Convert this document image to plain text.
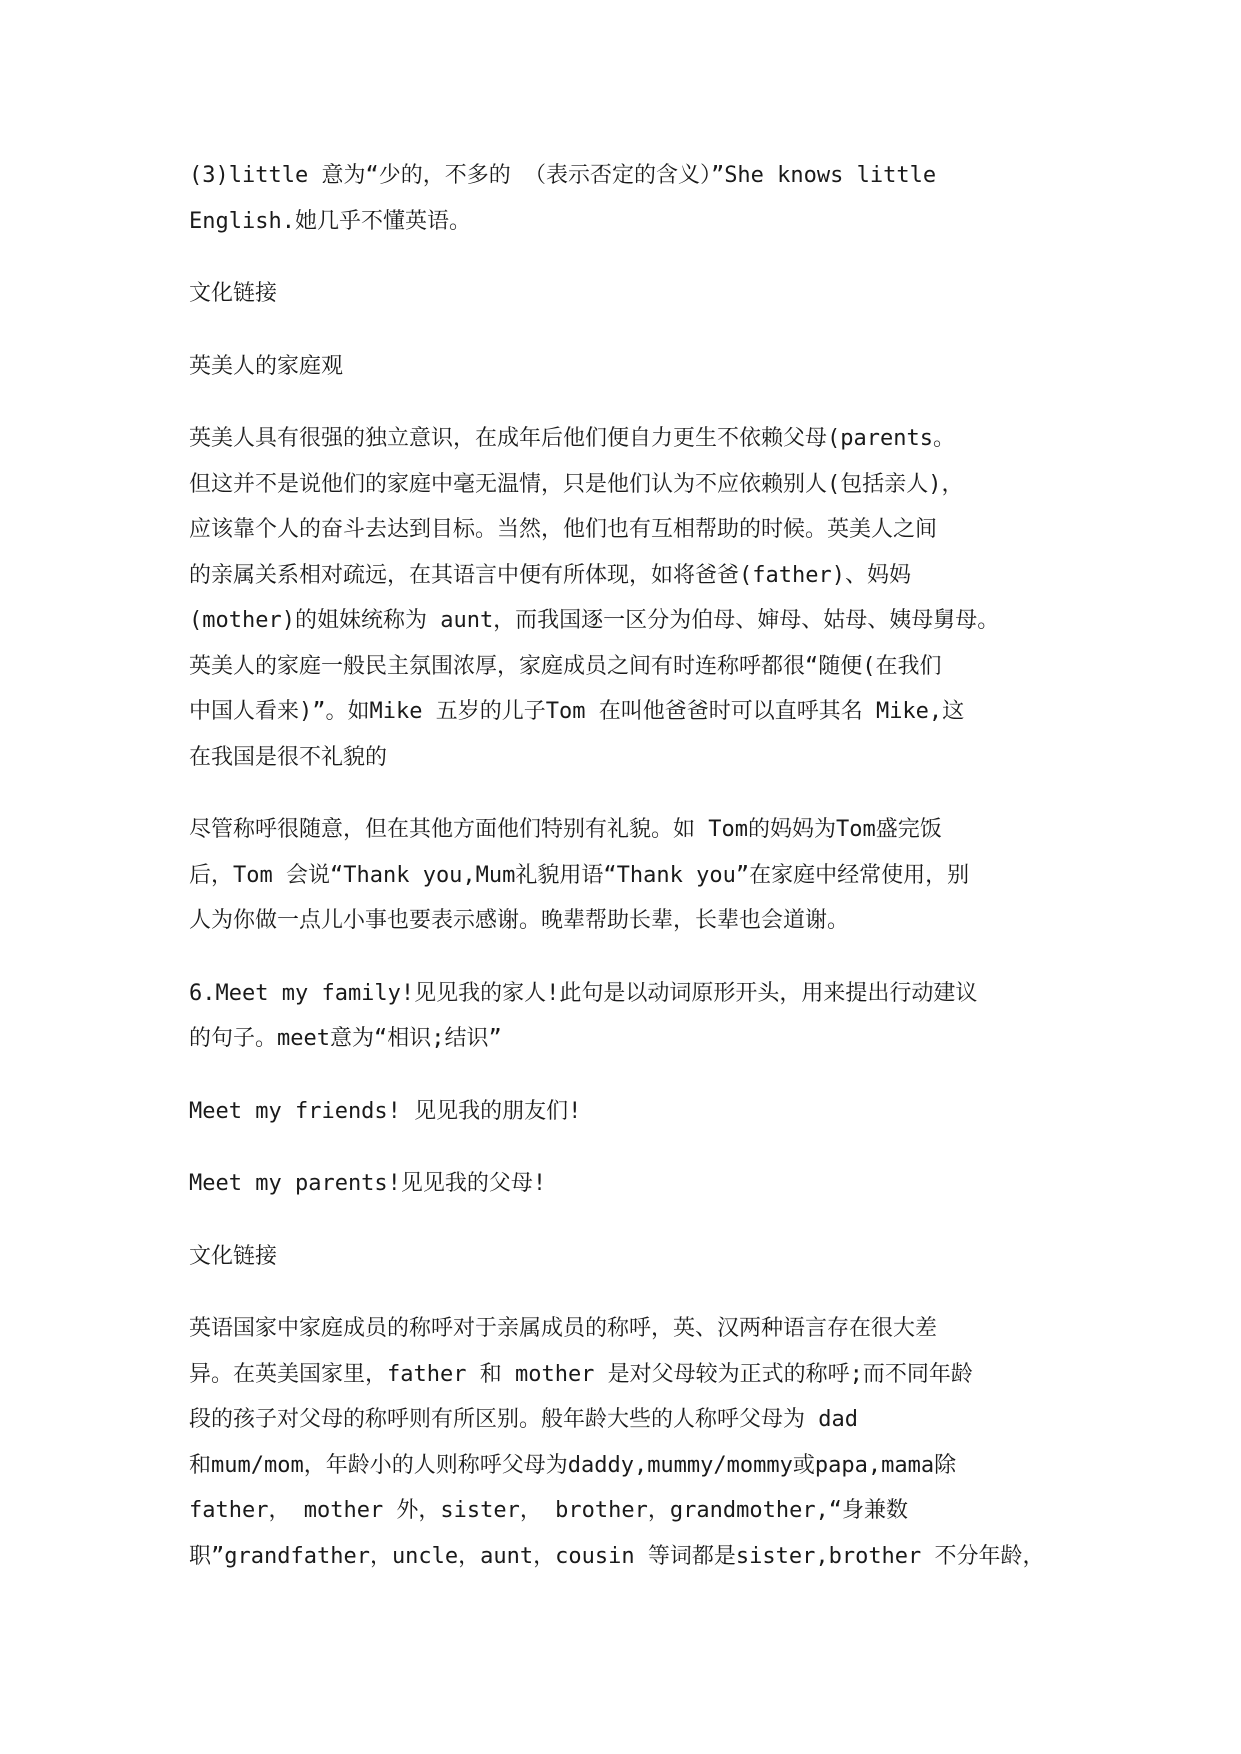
(3)little 意为“少的，不多的 （表示否定的含义）”She knows little
English.她几乎不懂英语。

文化链接

英美人的家庭观

英美人具有很强的独立意识，在成年后他们便自力更生不依赖父母(parents。
但这并不是说他们的家庭中毫无温情，只是他们认为不应依赖别人(包括亲人)，
应该靠个人的奋斗去达到目标。当然，他们也有互相帮助的时候。英美人之间
的亲属关系相对疏远，在其语言中便有所体现，如将爸爸(father)、妈妈
(mother)的姐妹统称为 aunt，而我国逐一区分为伯母、婶母、姑母、姨母舅母。
英美人的家庭一般民主氛围浓厚，家庭成员之间有时连称呼都很“随便(在我们
中国人看来)”。如Mike 五岁的儿子Tom 在叫他爸爸时可以直呼其名 Mike,这
在我国是很不礼貌的

尽管称呼很随意，但在其他方面他们特别有礼貌。如 Tom的妈妈为Tom盛完饭
后，Tom 会说“Thank you,Mum礼貌用语“Thank you”在家庭中经常使用，别
人为你做一点儿小事也要表示感谢。晚辈帮助长辈，长辈也会道谢。

6.Meet my family!见见我的家人!此句是以动词原形开头，用来提出行动建议
的句子。meet意为“相识;结识”

Meet my friends! 见见我的朋友们!

Meet my parents!见见我的父母!

文化链接

英语国家中家庭成员的称呼对于亲属成员的称呼，英、汉两种语言存在很大差
异。在英美国家里，father 和 mother 是对父母较为正式的称呼;而不同年龄
段的孩子对父母的称呼则有所区别。般年龄大些的人称呼父母为 dad
和mum/mom，年龄小的人则称呼父母为daddy,mummy/mommy或papa,mama除
father， mother 外，sister， brother，grandmother,“身兼数
职”grandfather，uncle，aunt，cousin 等词都是sister,brother 不分年龄，
